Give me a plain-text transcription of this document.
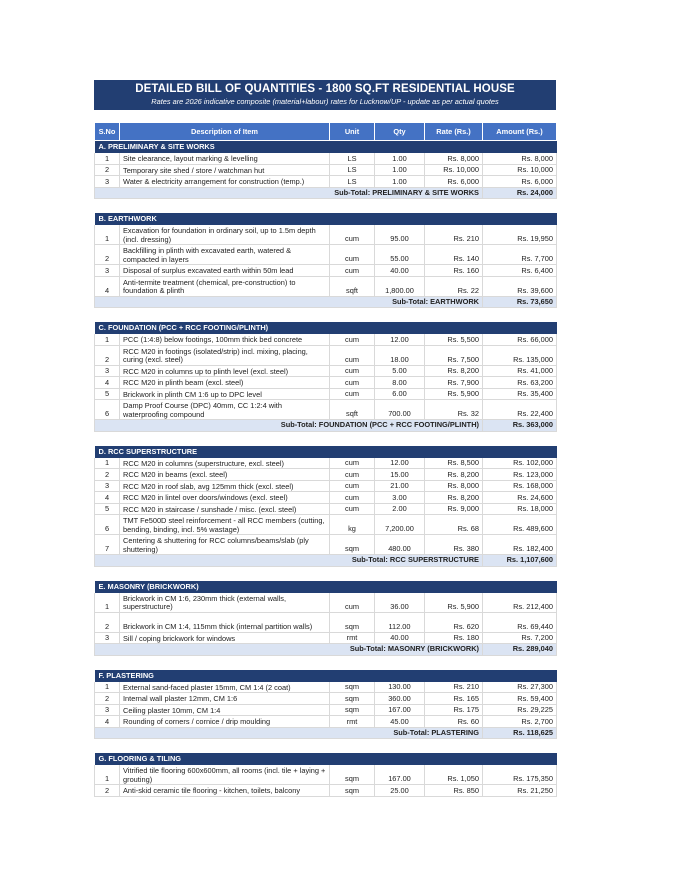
DETAILED BILL OF QUANTITIES - 1800 SQ.FT RESIDENTIAL HOUSE
Rates are 2026 indicative composite (material+labour) rates for Lucknow/UP - update as per actual quotes
S.No	Description of Item	Unit	Qty	Rate (Rs.)	Amount (Rs.)
A. PRELIMINARY & SITE WORKS					
1	Site clearance, layout marking & levelling	LS	1.00	Rs. 8,000	Rs. 8,000
2	Temporary site shed / store / watchman hut	LS	1.00	Rs. 10,000	Rs. 10,000
3	Water & electricity arrangement for construction (temp.)	LS	1.00	Rs. 6,000	Rs. 6,000
Sub-Total: PRELIMINARY & SITE WORKS					Rs. 24,000

B. EARTHWORK					
1	Excavation for foundation in ordinary soil, up to 1.5m depth (incl. dressing)	cum	95.00	Rs. 210	Rs. 19,950
2	Backfilling in plinth with excavated earth, watered & compacted in layers	cum	55.00	Rs. 140	Rs. 7,700
3	Disposal of surplus excavated earth within 50m lead	cum	40.00	Rs. 160	Rs. 6,400
4	Anti-termite treatment (chemical, pre-construction) to foundation & plinth	sqft	1,800.00	Rs. 22	Rs. 39,600
Sub-Total: EARTHWORK					Rs. 73,650

C. FOUNDATION (PCC + RCC FOOTING/PLINTH)					
1	PCC (1:4:8) below footings, 100mm thick bed concrete	cum	12.00	Rs. 5,500	Rs. 66,000
2	RCC M20 in footings (isolated/strip) incl. mixing, placing, curing (excl. steel)	cum	18.00	Rs. 7,500	Rs. 135,000
3	RCC M20 in columns up to plinth level (excl. steel)	cum	5.00	Rs. 8,200	Rs. 41,000
4	RCC M20 in plinth beam (excl. steel)	cum	8.00	Rs. 7,900	Rs. 63,200
5	Brickwork in plinth CM 1:6 up to DPC level	cum	6.00	Rs. 5,900	Rs. 35,400
6	Damp Proof Course (DPC) 40mm, CC 1:2:4 with waterproofing compound	sqft	700.00	Rs. 32	Rs. 22,400
Sub-Total: FOUNDATION (PCC + RCC FOOTING/PLINTH)					Rs. 363,000

D. RCC SUPERSTRUCTURE					
1	RCC M20 in columns (superstructure, excl. steel)	cum	12.00	Rs. 8,500	Rs. 102,000
2	RCC M20 in beams (excl. steel)	cum	15.00	Rs. 8,200	Rs. 123,000
3	RCC M20 in roof slab, avg 125mm thick (excl. steel)	cum	21.00	Rs. 8,000	Rs. 168,000
4	RCC M20 in lintel over doors/windows (excl. steel)	cum	3.00	Rs. 8,200	Rs. 24,600
5	RCC M20 in staircase / sunshade / misc. (excl. steel)	cum	2.00	Rs. 9,000	Rs. 18,000
6	TMT Fe500D steel reinforcement - all RCC members (cutting, bending, binding, incl. 5% wastage)	kg	7,200.00	Rs. 68	Rs. 489,600
7	Centering & shuttering for RCC columns/beams/slab (ply shuttering)	sqm	480.00	Rs. 380	Rs. 182,400
Sub-Total: RCC SUPERSTRUCTURE					Rs. 1,107,600

E. MASONRY (BRICKWORK)					
1	Brickwork in CM 1:6, 230mm thick (external walls, superstructure)	cum	36.00	Rs. 5,900	Rs. 212,400
2	Brickwork in CM 1:4, 115mm thick (internal partition walls)	sqm	112.00	Rs. 620	Rs. 69,440
3	Sill / coping brickwork for windows	rmt	40.00	Rs. 180	Rs. 7,200
Sub-Total: MASONRY (BRICKWORK)					Rs. 289,040

F. PLASTERING					
1	External sand-faced plaster 15mm, CM 1:4 (2 coat)	sqm	130.00	Rs. 210	Rs. 27,300
2	Internal wall plaster 12mm, CM 1:6	sqm	360.00	Rs. 165	Rs. 59,400
3	Ceiling plaster 10mm, CM 1:4	sqm	167.00	Rs. 175	Rs. 29,225
4	Rounding of corners / cornice / drip moulding	rmt	45.00	Rs. 60	Rs. 2,700
Sub-Total: PLASTERING					Rs. 118,625

G. FLOORING & TILING					
1	Vitrified tile flooring 600x600mm, all rooms (incl. tile + laying + grouting)	sqm	167.00	Rs. 1,050	Rs. 175,350
2	Anti-skid ceramic tile flooring - kitchen, toilets, balcony	sqm	25.00	Rs. 850	Rs. 21,250
